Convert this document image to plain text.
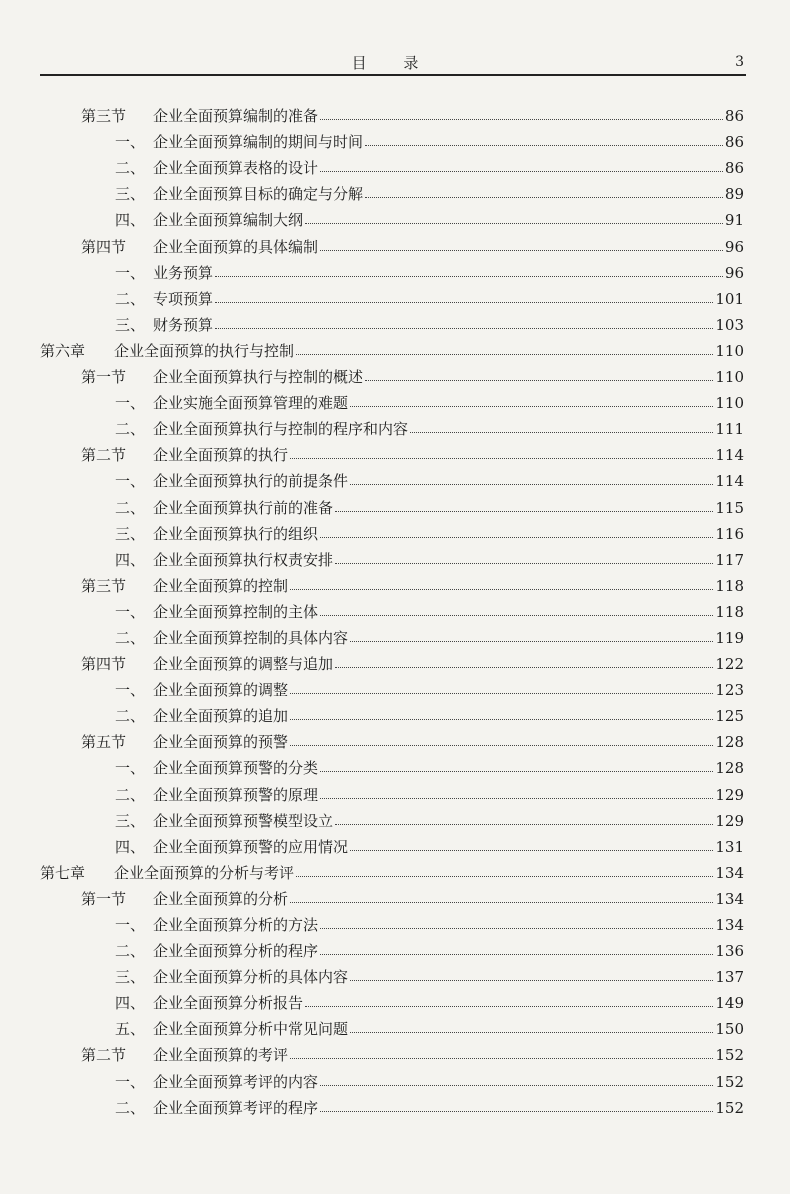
目 录	3
第三节	企业全面预算编制的准备	86
一、 企业全面预算编制的期间与时间	86
二、 企业全面预算表格的设计	86
三、 企业全面预算目标的确定与分解	89
四、 企业全面预算编制大纲	91
第四节	企业全面预算的具体编制	96
一、 业务预算	96
二、 专项预算	101
三、 财务预算	103
第六章	企业全面预算的执行与控制	110
第一节	企业全面预算执行与控制的概述	110
一、 企业实施全面预算管理的难题	110
二、 企业全面预算执行与控制的程序和内容	111
第二节	企业全面预算的执行	114
一、 企业全面预算执行的前提条件	114
二、 企业全面预算执行前的准备	115
三、 企业全面预算执行的组织	116
四、 企业全面预算执行权责安排	117
第三节	企业全面预算的控制	118
一、 企业全面预算控制的主体	118
二、 企业全面预算控制的具体内容	119
第四节	企业全面预算的调整与追加	122
一、 企业全面预算的调整	123
二、 企业全面预算的追加	125
第五节	企业全面预算的预警	128
一、 企业全面预算预警的分类	128
二、 企业全面预算预警的原理	129
三、 企业全面预算预警模型设立	129
四、 企业全面预算预警的应用情况	131
第七章	企业全面预算的分析与考评	134
第一节	企业全面预算的分析	134
一、 企业全面预算分析的方法	134
二、 企业全面预算分析的程序	136
三、 企业全面预算分析的具体内容	137
四、 企业全面预算分析报告	149
五、 企业全面预算分析中常见问题	150
第二节	企业全面预算的考评	152
一、 企业全面预算考评的内容	152
二、 企业全面预算考评的程序	152
